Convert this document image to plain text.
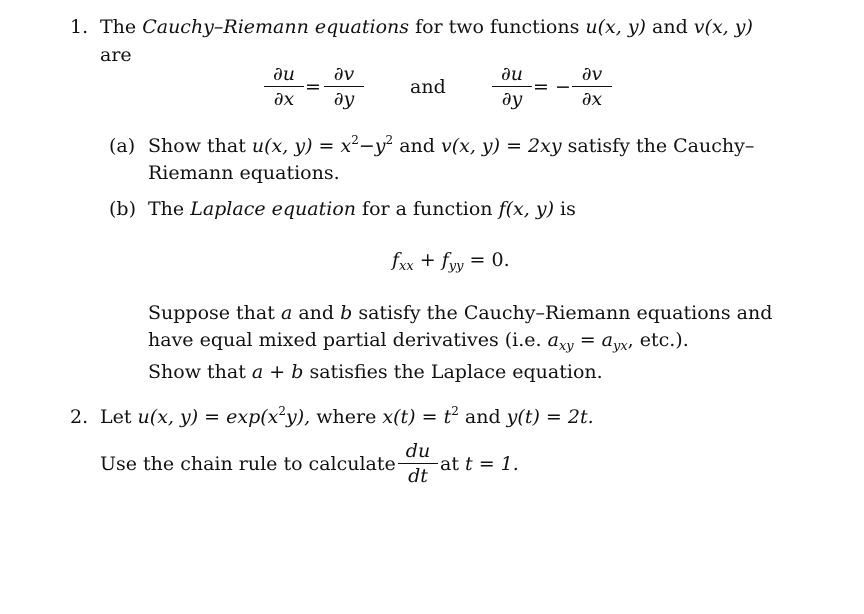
1. The Cauchy–Riemann equations for two functions u(x, y) and v(x, y)
are
∂u
∂x
=
∂v
∂y
and
∂u
∂y
= −
∂v
∂x
(a) Show that u(x, $y) = x^2-y^2$ and v(x, y) = 2xy satisfy the Cauchy–
Riemann equations.
(b) The Laplace equation for a function f(x, y) is
$f_{xx} + f_{yy} = 0$.
Suppose that a and b satisfy the Cauchy–Riemann equations and
have equal mixed partial derivatives (i.e. $a_{xy} = a_{yx}$, etc.).
Show that a + b satisfies the Laplace equation.
2. Let u(x, $y) = \exp(x^2y)$, where $x(t) = t^2$ and y(t) = 2t.
Use the chain rule to calculate
du
dt
at t = 1.
